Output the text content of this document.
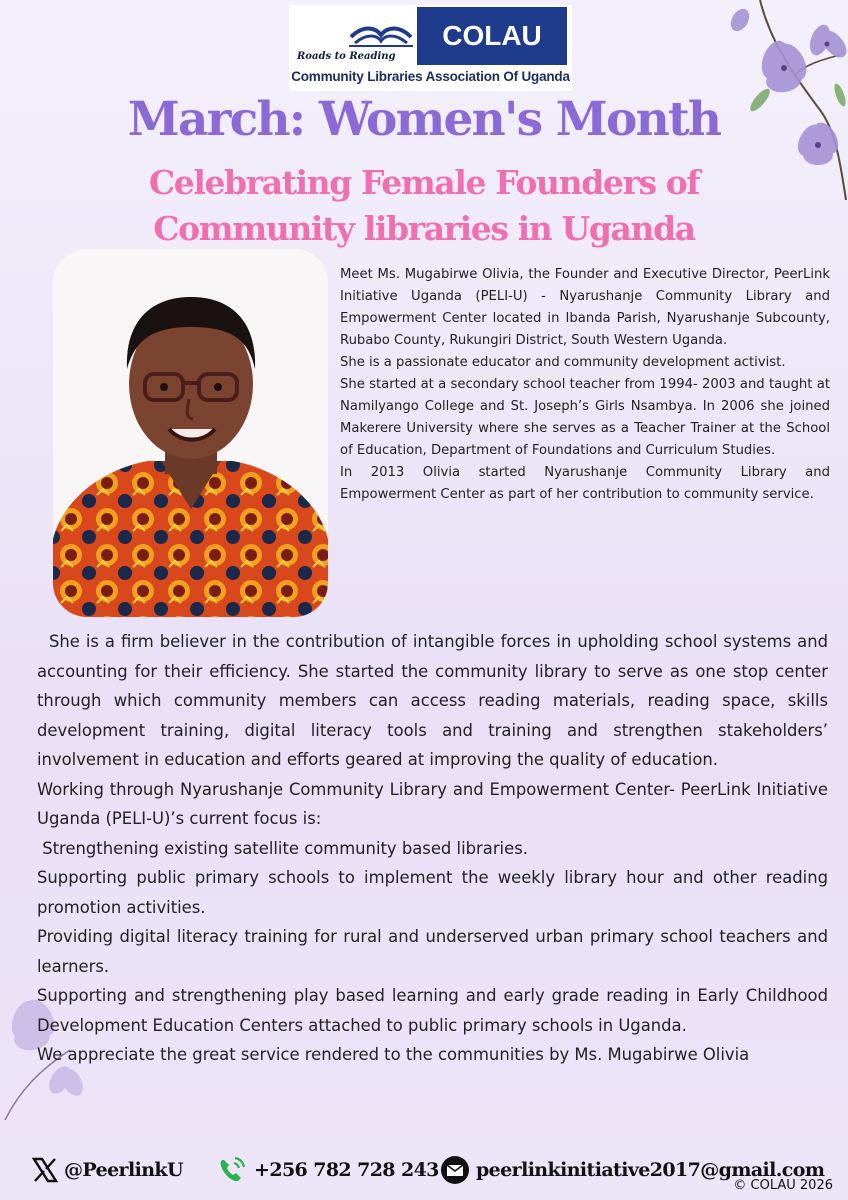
Roads to Reading
COLAU
Community Libraries Association Of Uganda
March: Women's Month
Celebrating Female Founders of
Community libraries in Uganda

Meet Ms. Mugabirwe Olivia, the Founder and Executive Director, PeerLink Initiative Uganda (PELI-U) - Nyarushanje Community Library and Empowerment Center located in Ibanda Parish, Nyarushanje Subcounty, Rubabo County, Rukungiri District, South Western Uganda.

She is a passionate educator and community development activist.

She started at a secondary school teacher from 1994- 2003 and taught at Namilyango College and St. Joseph’s Girls Nsambya. In 2006 she joined Makerere University where she serves as a Teacher Trainer at the School of Education, Department of Foundations and Curriculum Studies.

In 2013 Olivia started Nyarushanje Community Library and Empowerment Center as part of her contribution to community service.

She is a firm believer in the contribution of intangible forces in upholding school systems and accounting for their efficiency. She started the community library to serve as one stop center through which community members can access reading materials, reading space, skills development training, digital literacy tools and training and strengthen stakeholders’ involvement in education and efforts geared at improving the quality of education.

Working through Nyarushanje Community Library and Empowerment Center- PeerLink Initiative Uganda (PELI-U)’s current focus is:

Strengthening existing satellite community based libraries.

Supporting public primary schools to implement the weekly library hour and other reading promotion activities.

Providing digital literacy training for rural and underserved urban primary school teachers and learners.

Supporting and strengthening play based learning and early grade reading in Early Childhood Development Education Centers attached to public primary schools in Uganda.

We appreciate the great service rendered to the communities by Ms. Mugabirwe Olivia

@PeerlinkU	+256 782 728 243 peerlinkinitiative2017@gmail.com
© COLAU 2026
